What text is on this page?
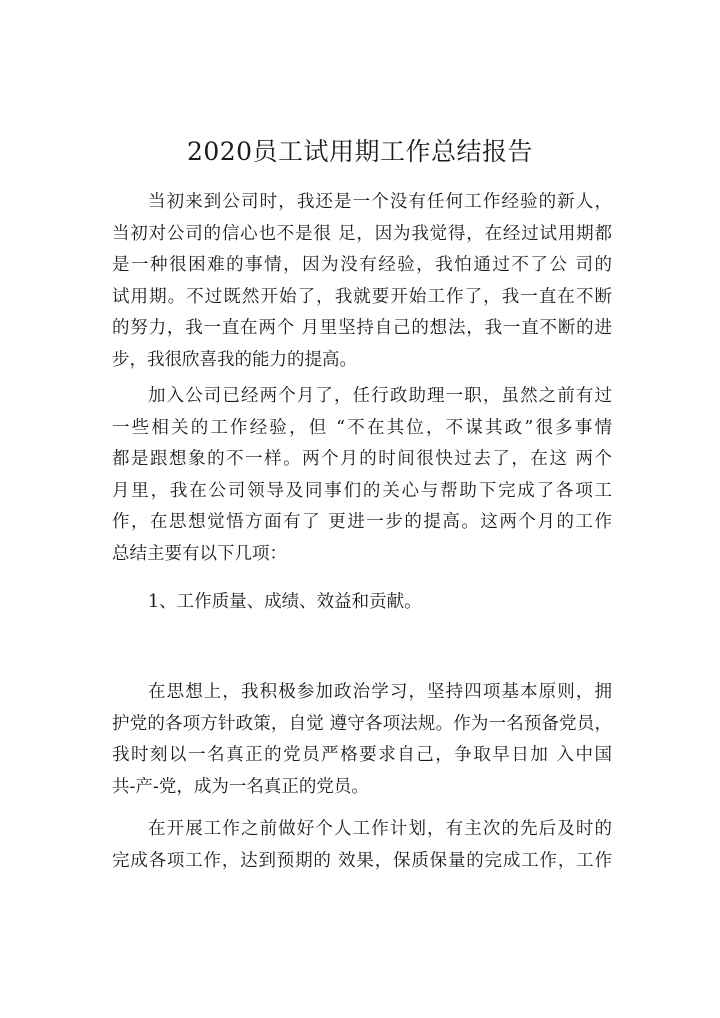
2020员工试用期工作总结报告
当初来到公司时，我还是一个没有任何工作经验的新人，
当初对公司的信心也不是很 足，因为我觉得，在经过试用期都
是一种很困难的事情，因为没有经验，我怕通过不了公 司的
试用期。不过既然开始了，我就要开始工作了，我一直在不断
的努力，我一直在两个 月里坚持自己的想法，我一直不断的进
步，我很欣喜我的能力的提高。
加入公司已经两个月了，任行政助理一职，虽然之前有过
一些相关的工作经验，但 “不在其位，不谋其政”很多事情
都是跟想象的不一样。两个月的时间很快过去了，在这 两个
月里，我在公司领导及同事们的关心与帮助下完成了各项工
作，在思想觉悟方面有了 更进一步的提高。这两个月的工作
总结主要有以下几项：
1、工作质量、成绩、效益和贡献。
在思想上，我积极参加政治学习，坚持四项基本原则，拥
护党的各项方针政策，自觉 遵守各项法规。作为一名预备党员，
我时刻以一名真正的党员严格要求自己，争取早日加 入中国
共-产-党，成为一名真正的党员。
在开展工作之前做好个人工作计划，有主次的先后及时的
完成各项工作，达到预期的 效果，保质保量的完成工作，工作
